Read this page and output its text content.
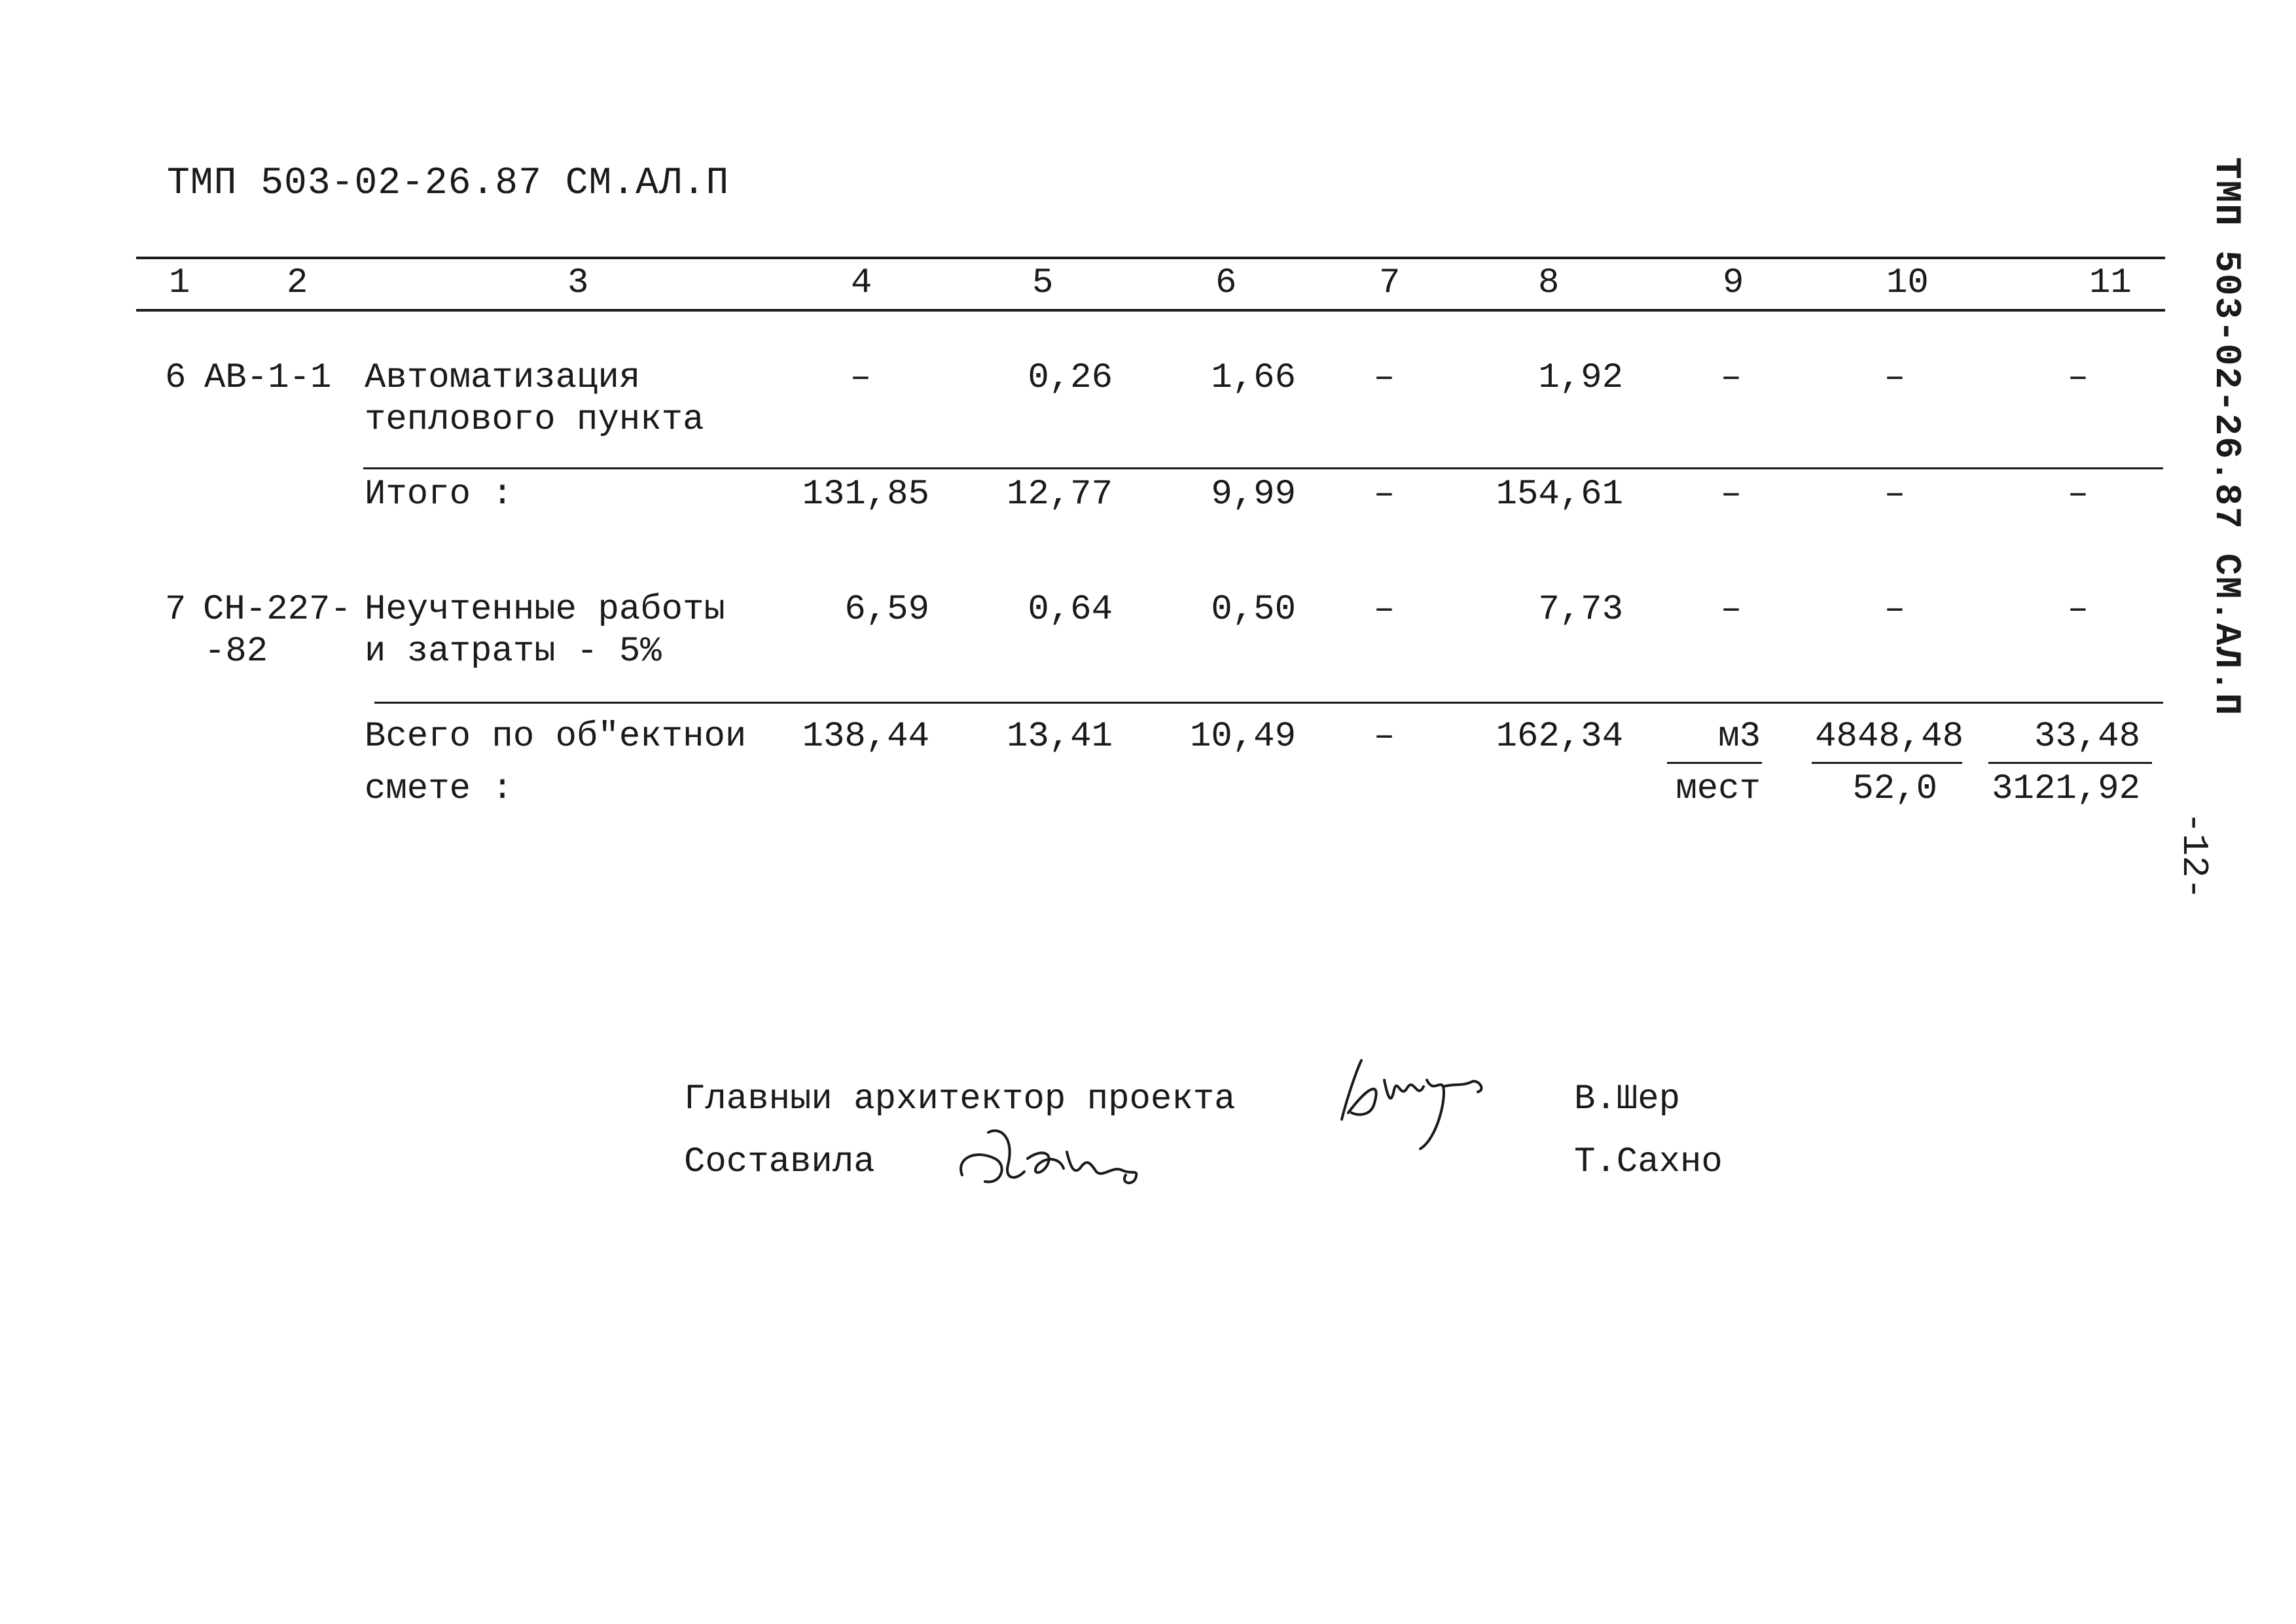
ТМП 503-02-26.87 СМ.АЛ.П	ТМП 503-02-26.87 СМ.АЛ.П
-12-
1	2	3	4	5	6	7	8	9	10	11
6 АВ-1-1 Автоматизация
теплового пункта
–	0,26	1,66	–	1,92	–	–	–
Итого :	131,85	12,77	9,99	–	154,61	–	–	–
7 СН-227-
-82
Неучтенные работы
и затраты - 5%
6,59	0,64	0,50	–	7,73	–	–	–
Всего по об"ектнои
смете :
138,44	13,41	10,49	–	162,34	м3
мест
4848,48
52,0
33,48
3121,92
Главныи архитектор проекта	В.Шер
Составила	Т.Сахно
